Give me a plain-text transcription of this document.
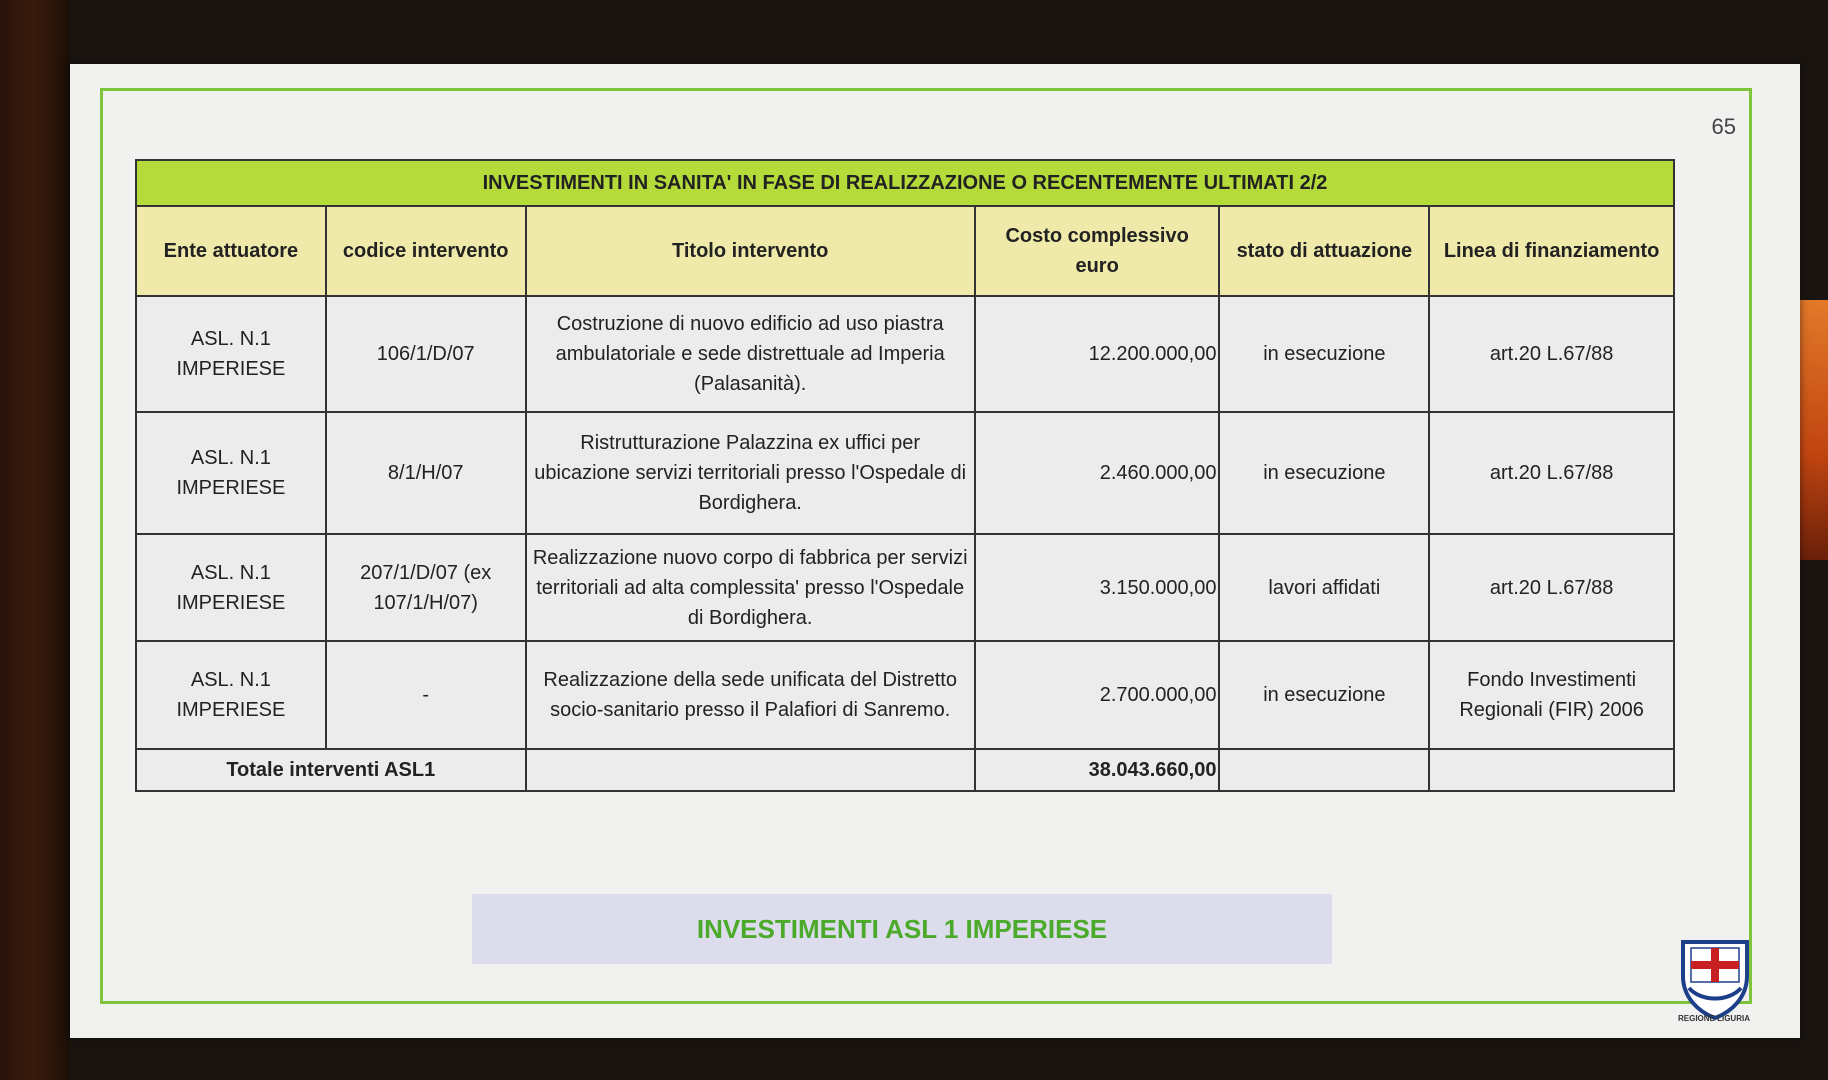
65
INVESTIMENTI IN SANITA' IN FASE DI REALIZZAZIONE O RECENTEMENTE ULTIMATI 2/2					
Ente attuatore	codice intervento	Titolo intervento	Costo complessivo euro	stato di attuazione	Linea di finanziamento
ASL. N.1 IMPERIESE	106/1/D/07	Costruzione di nuovo edificio ad uso piastra ambulatoriale e sede distrettuale ad Imperia (Palasanità).	12.200.000,00	in esecuzione	art.20 L.67/88
ASL. N.1 IMPERIESE	8/1/H/07	Ristrutturazione Palazzina ex uffici per ubicazione servizi territoriali presso l'Ospedale di Bordighera.	2.460.000,00	in esecuzione	art.20 L.67/88
ASL. N.1 IMPERIESE	207/1/D/07 (ex 107/1/H/07)	Realizzazione nuovo corpo di fabbrica per servizi territoriali ad alta complessita' presso l'Ospedale di Bordighera.	3.150.000,00	lavori affidati	art.20 L.67/88
ASL. N.1 IMPERIESE	-	Realizzazione della sede unificata del Distretto socio-sanitario presso il Palafiori di Sanremo.	2.700.000,00	in esecuzione	Fondo Investimenti Regionali (FIR) 2006
Totale interventi ASL1			38.043.660,00		
INVESTIMENTI ASL 1 IMPERIESE
REGIONE LIGURIA
